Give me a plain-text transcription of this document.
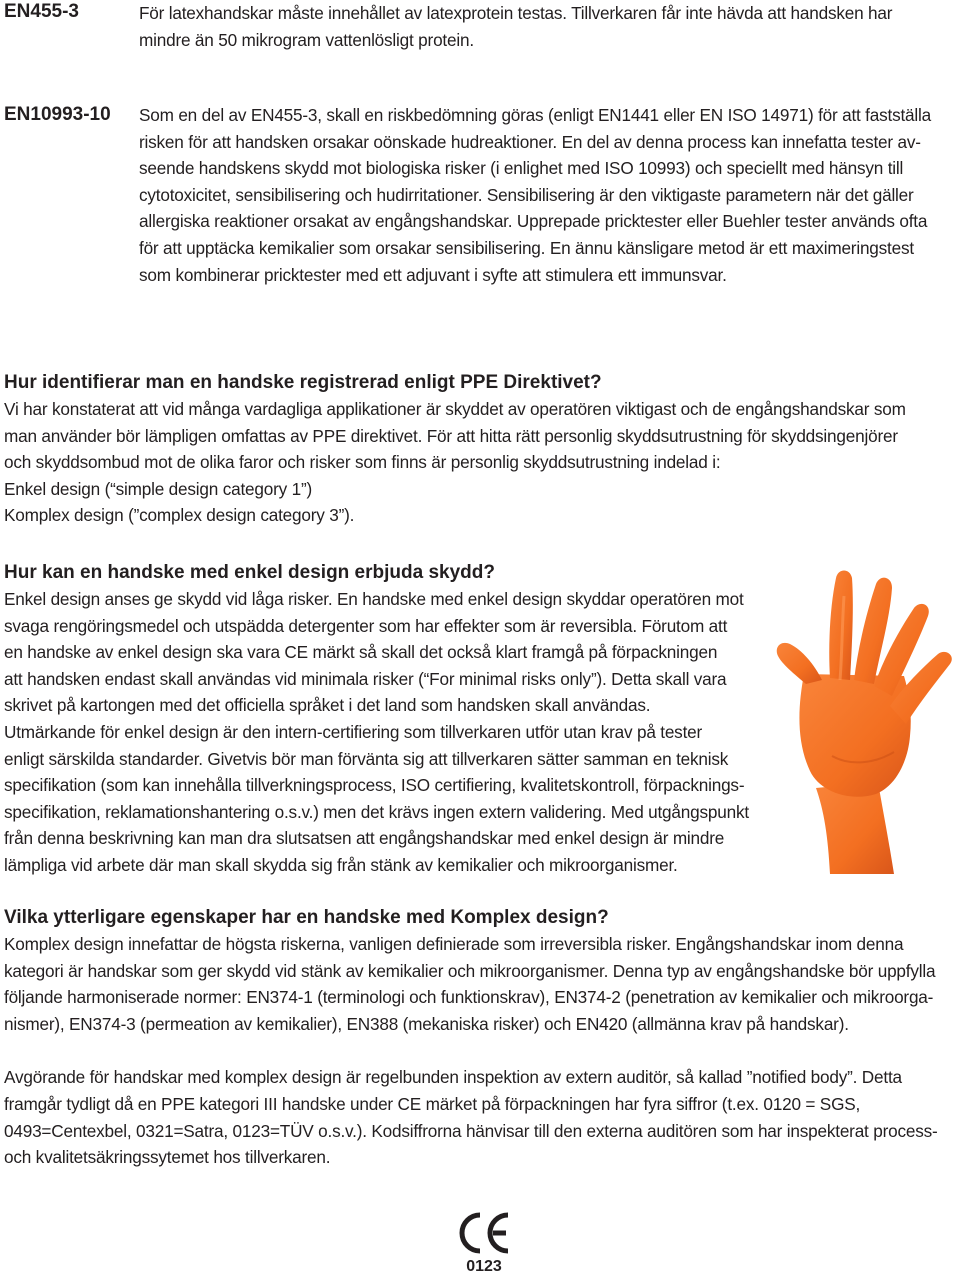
EN455-3	För latexhandskar måste innehållet av latexprotein testas. Tillverkaren får inte hävda att handsken har
mindre än 50 mikrogram vattenlösligt protein.
EN10993-10 Som en del av EN455-3, skall en riskbedömning göras (enligt EN1441 eller EN ISO 14971) för att fastställa
risken för att handsken orsakar oönskade hudreaktioner. En del av denna process kan innefatta tester av-
seende handskens skydd mot biologiska risker (i enlighet med ISO 10993) och speciellt med hänsyn till
cytotoxicitet, sensibilisering och hudirritationer. Sensibilisering är den viktigaste parametern när det gäller
allergiska reaktioner orsakat av engångshandskar. Upprepade pricktester eller Buehler tester används ofta
för att upptäcka kemikalier som orsakar sensibilisering. En ännu känsligare metod är ett maximeringstest
som kombinerar pricktester med ett adjuvant i syfte att stimulera ett immunsvar.
Hur identifierar man en handske registrerad enligt PPE Direktivet?
Vi har konstaterat att vid många vardagliga applikationer är skyddet av operatören viktigast och de engångshandskar som
man använder bör lämpligen omfattas av PPE direktivet. För att hitta rätt personlig skyddsutrustning för skyddsingenjörer
och skyddsombud mot de olika faror och risker som finns är personlig skyddsutrustning indelad i:
Enkel design (“simple design category 1”)
Komplex design (”complex design category 3”).
Hur kan en handske med enkel design erbjuda skydd?
Enkel design anses ge skydd vid låga risker. En handske med enkel design skyddar operatören mot
svaga rengöringsmedel och utspädda detergenter som har effekter som är reversibla. Förutom att
en handske av enkel design ska vara CE märkt så skall det också klart framgå på förpackningen
att handsken endast skall användas vid minimala risker (“For minimal risks only”). Detta skall vara
skrivet på kartongen med det officiella språket i det land som handsken skall användas.
Utmärkande för enkel design är den intern-certifiering som tillverkaren utför utan krav på tester
enligt särskilda standarder. Givetvis bör man förvänta sig att tillverkaren sätter samman en teknisk
specifikation (som kan innehålla tillverkningsprocess, ISO certifiering, kvalitetskontroll, förpacknings-
specifikation, reklamationshantering o.s.v.) men det krävs ingen extern validering. Med utgångspunkt
från denna beskrivning kan man dra slutsatsen att engångshandskar med enkel design är mindre
lämpliga vid arbete där man skall skydda sig från stänk av kemikalier och mikroorganismer.
Vilka ytterligare egenskaper har en handske med Komplex design?
Komplex design innefattar de högsta riskerna, vanligen definierade som irreversibla risker. Engångshandskar inom denna
kategori är handskar som ger skydd vid stänk av kemikalier och mikroorganismer. Denna typ av engångshandske bör uppfylla
följande harmoniserade normer: EN374-1 (terminologi och funktionskrav), EN374-2 (penetration av kemikalier och mikroorga-
nismer), EN374-3 (permeation av kemikalier), EN388 (mekaniska risker) och EN420 (allmänna krav på handskar).
Avgörande för handskar med komplex design är regelbunden inspektion av extern auditör, så kallad ”notified body”. Detta
framgår tydligt då en PPE kategori III handske under CE märket på förpackningen har fyra siffror (t.ex. 0120 = SGS,
0493=Centexbel, 0321=Satra, 0123=TÜV o.s.v.). Kodsiffrorna hänvisar till den externa auditören som har inspekterat process-
och kvalitetsäkringssytemet hos tillverkaren.
0123
